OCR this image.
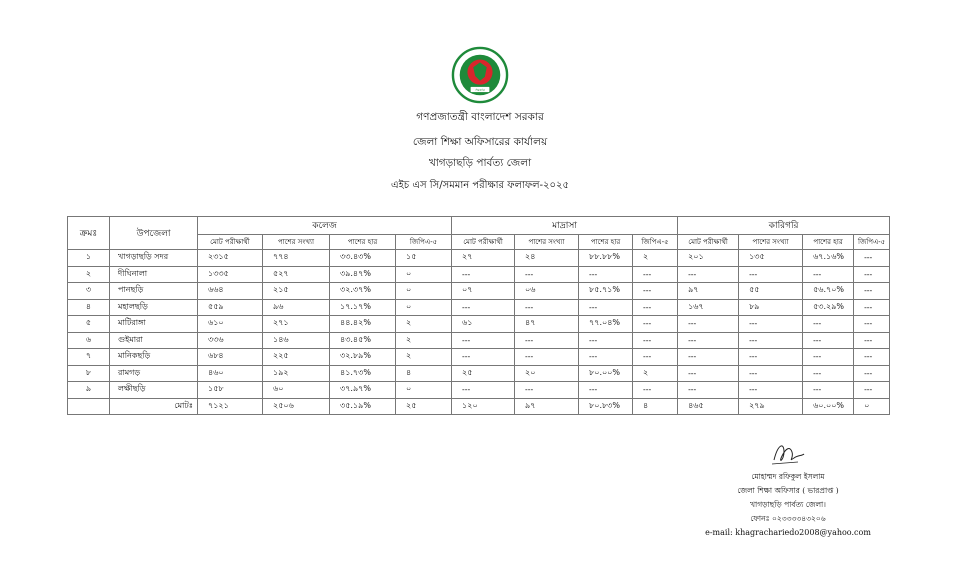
সরকার
গণপ্রজাতন্ত্রী বাংলাদেশ সরকার
জেলা শিক্ষা অফিসারের কার্যালয়
খাগড়াছড়ি পার্বত্য জেলা
এইচ এস সি/সমমান পরীক্ষার ফলাফল-২০২৫
ক্রমঃ	উপজেলা	কলেজ				মাদ্রাসা				কারিগরি			
		মোট পরীক্ষার্থী	পাশের সংখ্যা	পাশের হার	জিপিএ-৫	মোট পরীক্ষার্থী	পাশের সংখ্যা	পাশের হার	জিপিএ-৫	মোট পরীক্ষার্থী	পাশের সংখ্যা	পাশের হার	জিপিএ-৫
১	খাগড়াছড়ি সদর	২৩১৫	৭৭৪	৩৩.৪৩%	১৫	২৭	২৪	৮৮.৮৮%	২	২০১	১৩৫	৬৭.১৬%	---
২	দীঘিনালা	১৩৩৫	৫২৭	৩৯.৪৭%	০	---	---	---	---	---	---	---	---
৩	পানছড়ি	৬৬৪	২১৫	৩২.৩৭%	০	০৭	০৬	৮৫.৭১%	---	৯৭	৫৫	৫৬.৭০%	---
৪	মহালছড়ি	৫৫৯	৯৬	১৭.১৭%	০	---	---	---	---	১৬৭	৮৯	৫৩.২৯%	---
৫	মাটিরাঙ্গা	৬১০	২৭১	৪৪.৪২%	২	৬১	৪৭	৭৭.০৪%	---	---	---	---	---
৬	গুইমারা	৩৩৬	১৪৬	৪৩.৪৫%	২	---	---	---	---	---	---	---	---
৭	মানিকছড়ি	৬৮৪	২২৫	৩২.৮৯%	২	---	---	---	---	---	---	---	---
৮	রামগড়	৪৬০	১৯২	৪১.৭৩%	৪	২৫	২০	৮০.০০%	২	---	---	---	---
৯	লক্ষীছড়ি	১৫৮	৬০	৩৭.৯৭%	০	---	---	---	---	---	---	---	---
	মোটঃ	৭১২১	২৫০৬	৩৫.১৯%	২৫	১২০	৯৭	৮০.৮৩%	৪	৪৬৫	২৭৯	৬০.০০%	০
মোহাম্মদ রফিকুল ইসলাম
জেলা শিক্ষা অফিসার ( ভারপ্রাপ্ত )
খাগড়াছড়ি পার্বত্য জেলা।
ফোনঃ ০২৩৩৩৩৪৩২০৬
e-mail: khagrachariedo2008@yahoo.com
